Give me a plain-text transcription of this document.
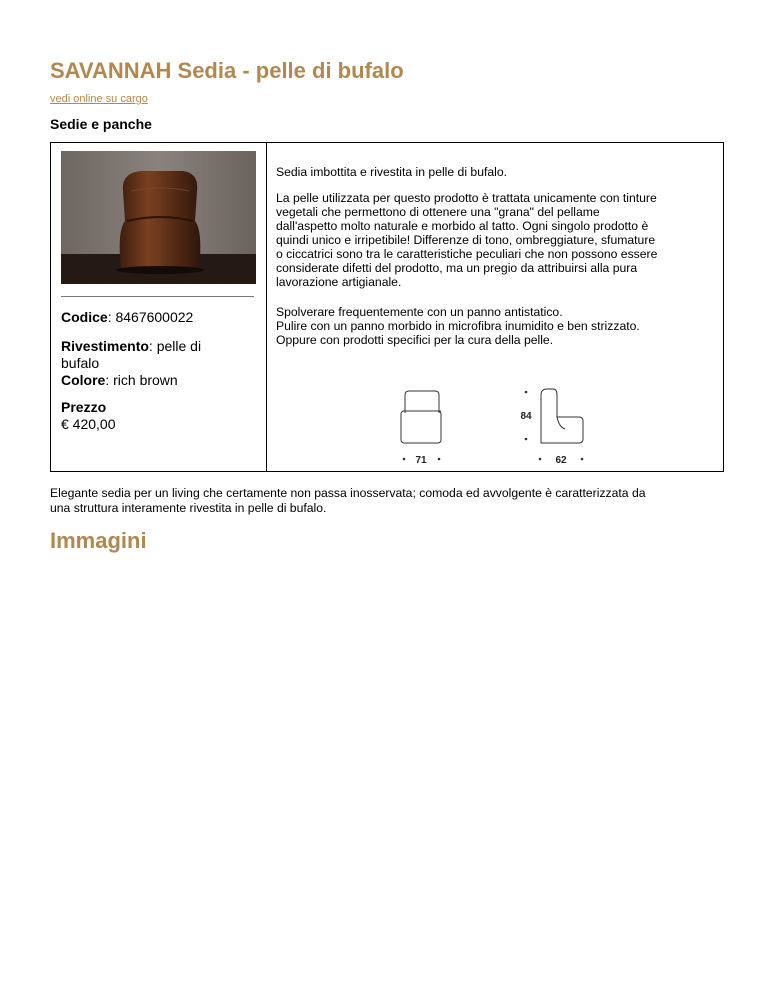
SAVANNAH Sedia - pelle di bufalo
vedi online su cargo
Sedie e panche
Codice: 8467600022
Rivestimento: pelle di
bufalo
Colore: rich brown
Prezzo
€ 420,00

Sedia imbottita e rivestita in pelle di bufalo.

La pelle utilizzata per questo prodotto è trattata unicamente con tinture

vegetali che permettono di ottenere una "grana" del pellame

dall'aspetto molto naturale e morbido al tatto. Ogni singolo prodotto è

quindi unico e irripetibile! Differenze di tono, ombreggiature, sfumature

o ciccatrici sono tra le caratteristiche peculiari che non possono essere

considerate difetti del prodotto, ma un pregio da attribuirsi alla pura

lavorazione artigianale.

Spolverare frequentemente con un panno antistatico.

Pulire con un panno morbido in microfibra inumidito e ben strizzato.

Oppure con prodotti specifici per la cura della pelle.

71
84
62
Elegante sedia per un living che certamente non passa inosservata; comoda ed avvolgente è caratterizzata da
una struttura interamente rivestita in pelle di bufalo.
Immagini
